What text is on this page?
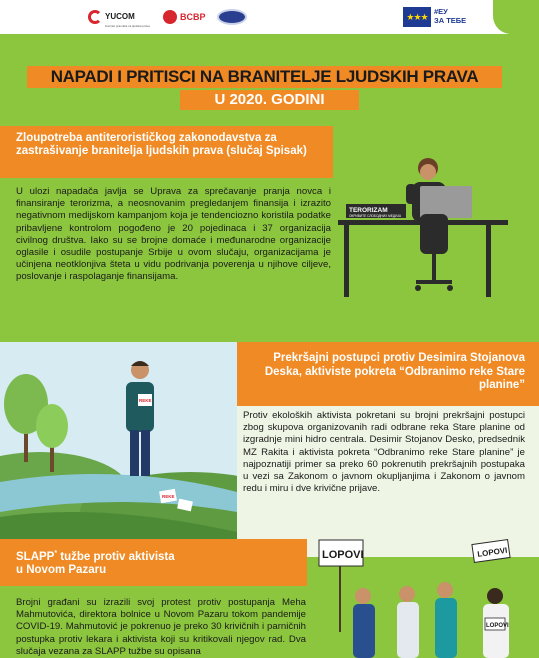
YUCOM
Komitet pravnika za ljudska prava
BCBP	★★★ #ЕУ
ЗА ТЕБЕ
NAPADI I PRITISCI NA BRANITELJE LJUDSKIH PRAVA
U 2020. GODINI
Zloupotreba antiterorističkog zakonodavstva za zastrašivanje branitelja ljudskih prava (slučaj Spisak)
U ulozi napadača javlja se Uprava za sprečavanje pranja novca i finansiranje terorizma, a neosnovanim pregledanjem finansija i izrazito negativnom medijskom kampanjom koja je tendenciozno koristila podatke pribavljene kontrolom pogođeno je 20 pojedinaca i 37 organizacija civilnog društva. Iako su se brojne domaće i međunarodne organizacije oglasile i osudile postupanje Srbije u ovom slučaju, organizacijama je učinjena neotklonjiva šteta u vidu podrivanja poverenja u njihove ciljeve, poslovanje i raspolaganje finansijama.
TERORIZAM
ОКРИВИТЕ СЛОБОДНИХ МЕДИЈА
REKE
REKE
Prekršajni postupci protiv Desimira Stojanova Deska, aktiviste pokreta “Odbranimo reke Stare planine”
Protiv ekoloških aktivista pokretani su brojni prekršajni postupci zbog skupova organizovanih radi odbrane reka Stare planine od izgradnje mini hidro centrala. Desimir Stojanov Desko, predsednik MZ Rakita i aktivista pokreta “Odbranimo reke Stare planine” je najpoznatiji primer sa preko 60 pokrenutih prekršajnih postupaka u vezi sa Zakonom o javnom okupljanjima i Zakonom o javnom redu i miru i dve krivične prijave.
SLAPP* tužbe protiv aktivista
u Novom Pazaru
Brojni građani su izrazili svoj protest protiv postupanja Meha Mahmutovića, direktora bolnice u Novom Pazaru tokom pandemije COVID-19. Mahmutović je pokrenuo je preko 30 krivičnih i parničnih postupka protiv lekara i aktivista koji su kritikovali njegov rad. Dva slučaja vezana za SLAPP tužbe su opisana
LOPOVI	LOPOVI
LOPOVI
